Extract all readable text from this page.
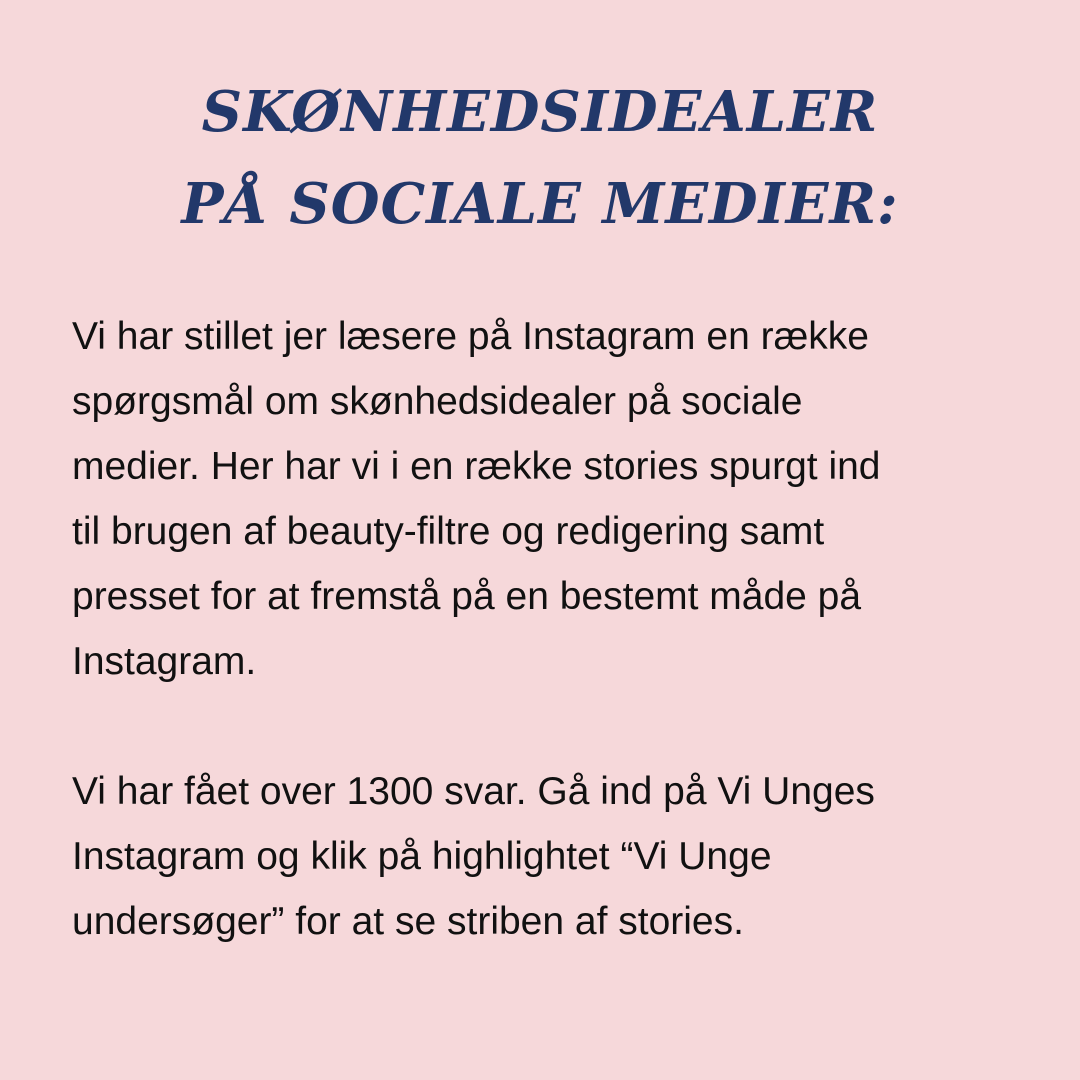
SKØNHEDSIDEALER
PÅ SOCIALE MEDIER:
Vi har stillet jer læsere på Instagram en række
spørgsmål om skønhedsidealer på sociale
medier. Her har vi i en række stories spurgt ind
til brugen af beauty-filtre og redigering samt
presset for at fremstå på en bestemt måde på
Instagram.
Vi har fået over 1300 svar. Gå ind på Vi Unges
Instagram og klik på highlightet “Vi Unge
undersøger” for at se striben af stories.
